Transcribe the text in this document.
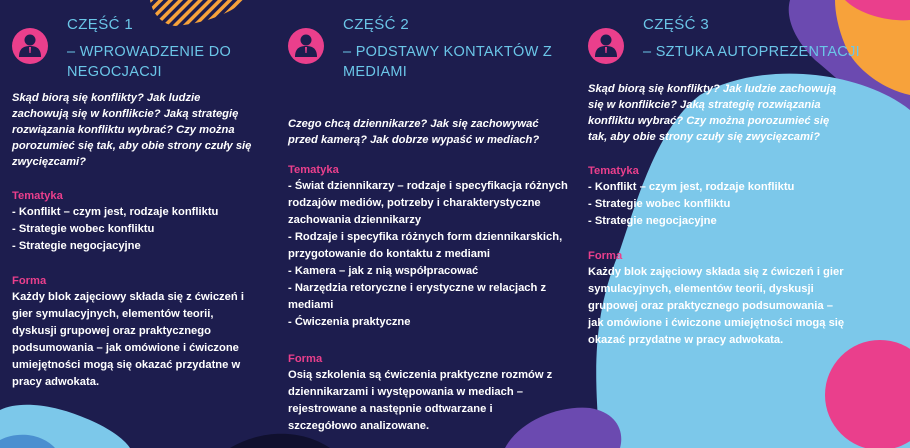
CZĘŚĆ 1
– WPROWADZENIE DO NEGOCJACJI

Skąd biorą się konflikty? Jak ludzie zachowują się w konflikcie? Jaką strategię rozwiązania konfliktu wybrać? Czy można porozumieć się tak, aby obie strony czuły się zwycięzcami?

Tematyka

- Konflikt – czym jest, rodzaje konfliktu
- Strategie wobec konfliktu
- Strategie negocjacyjne

Forma

Każdy blok zajęciowy składa się z ćwiczeń i gier symulacyjnych, elementów teorii, dyskusji grupowej oraz praktycznego podsumowania – jak omówione i ćwiczone umiejętności mogą się okazać przydatne w pracy adwokata.

CZĘŚĆ 2
– PODSTAWY KONTAKTÓW Z MEDIAMI

Czego chcą dziennikarze? Jak się zachowywać przed kamerą? Jak dobrze wypaść w mediach?

Tematyka

- Świat dziennikarzy – rodzaje i specyfikacja różnych rodzajów mediów, potrzeby i charakterystyczne zachowania dziennikarzy
- Rodzaje i specyfika różnych form dziennikarskich, przygotowanie do kontaktu z mediami
- Kamera – jak z nią współpracować
- Narzędzia retoryczne i erystyczne w relacjach z mediami
- Ćwiczenia praktyczne

Forma

Osią szkolenia są ćwiczenia praktyczne rozmów z dziennikarzami i występowania w mediach – rejestrowane a następnie odtwarzane i szczegółowo analizowane.

CZĘŚĆ 3
– SZTUKA AUTOPREZENTACJI

Skąd biorą się konflikty? Jak ludzie zachowują się w konflikcie? Jaką strategię rozwiązania konfliktu wybrać? Czy można porozumieć się tak, aby obie strony czuły się zwycięzcami?

Tematyka

- Konflikt – czym jest, rodzaje konfliktu
- Strategie wobec konfliktu
- Strategie negocjacyjne

Forma

Każdy blok zajęciowy składa się z ćwiczeń i gier symulacyjnych, elementów teorii, dyskusji grupowej oraz praktycznego podsumowania – jak omówione i ćwiczone umiejętności mogą się okazać przydatne w pracy adwokata.
